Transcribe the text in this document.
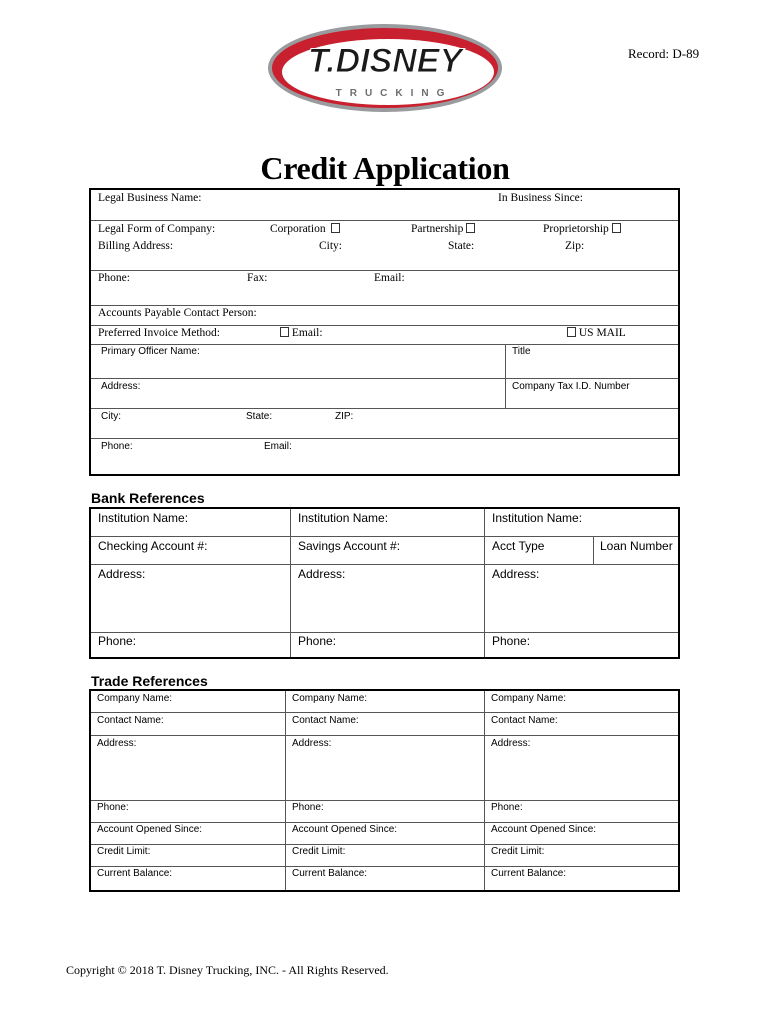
T.DISNEY
TRUCKING
Record: D-89
Credit Application
Legal Business Name:	In Business Since:
Legal Form of Company:	Corporation	Partnership	Proprietorship
Billing Address:	City:	State:	Zip:
Phone:	Fax:	Email:
Accounts Payable Contact Person:
Preferred Invoice Method:	Email:	US MAIL
Primary Officer Name:	Title
Address:	Company Tax I.D. Number
City:	State:	ZIP:
Phone:	Email:
Bank References
Institution Name:	Institution Name:	Institution Name:
Checking Account #:	Savings Account #:	Acct Type	Loan Number
Address:	Address:	Address:
Phone:	Phone:	Phone:
Trade References
Company Name:	Company Name:	Company Name:
Contact Name:	Contact Name:	Contact Name:
Address:	Address:	Address:
Phone:	Phone:	Phone:
Account Opened Since:	Account Opened Since:	Account Opened Since:
Credit Limit:	Credit Limit:	Credit Limit:
Current Balance:	Current Balance:	Current Balance:
Copyright © 2018 T. Disney Trucking, INC. - All Rights Reserved.
